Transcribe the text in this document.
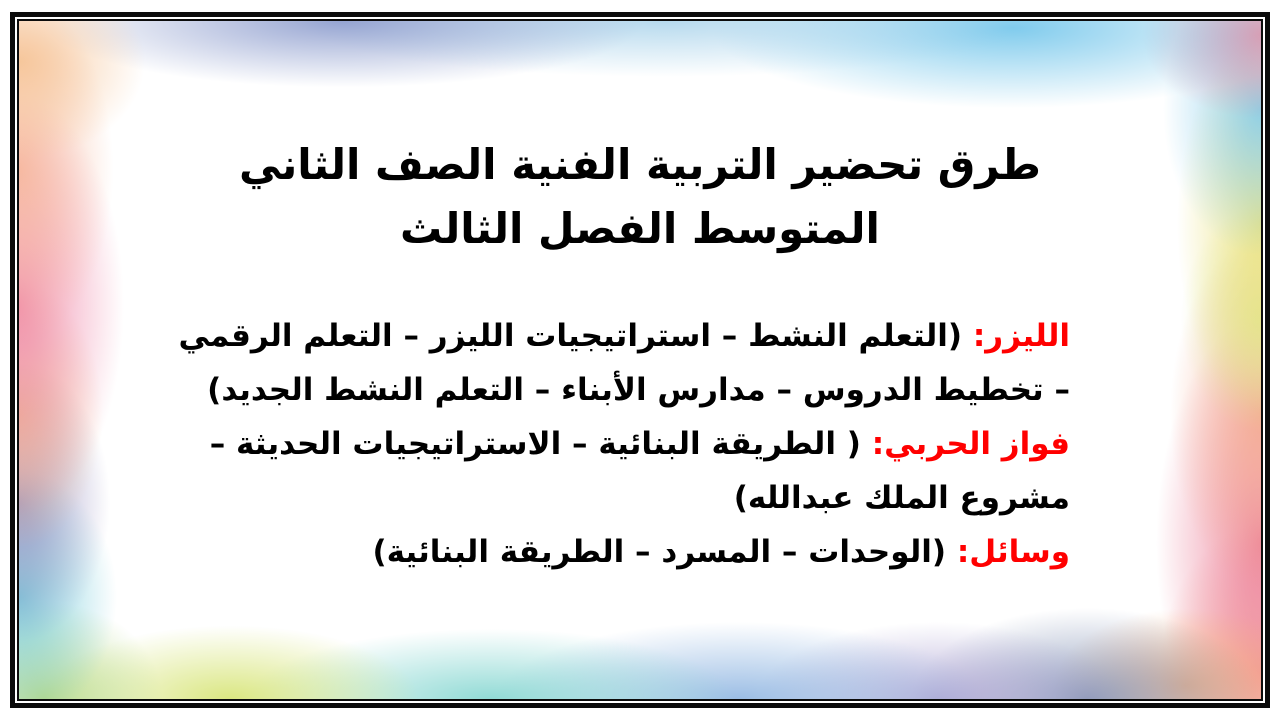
طرق تحضير التربية الفنية الصف الثاني المتوسط الفصل الثالث
الليزر: (التعلم النشط – استراتيجيات الليزر – التعلم الرقمي
– تخطيط الدروس – مدارس الأبناء – التعلم النشط الجديد)
فواز الحربي: ( الطريقة البنائية – الاستراتيجيات الحديثة –
مشروع الملك عبدالله)
وسائل: (الوحدات – المسرد – الطريقة البنائية)
